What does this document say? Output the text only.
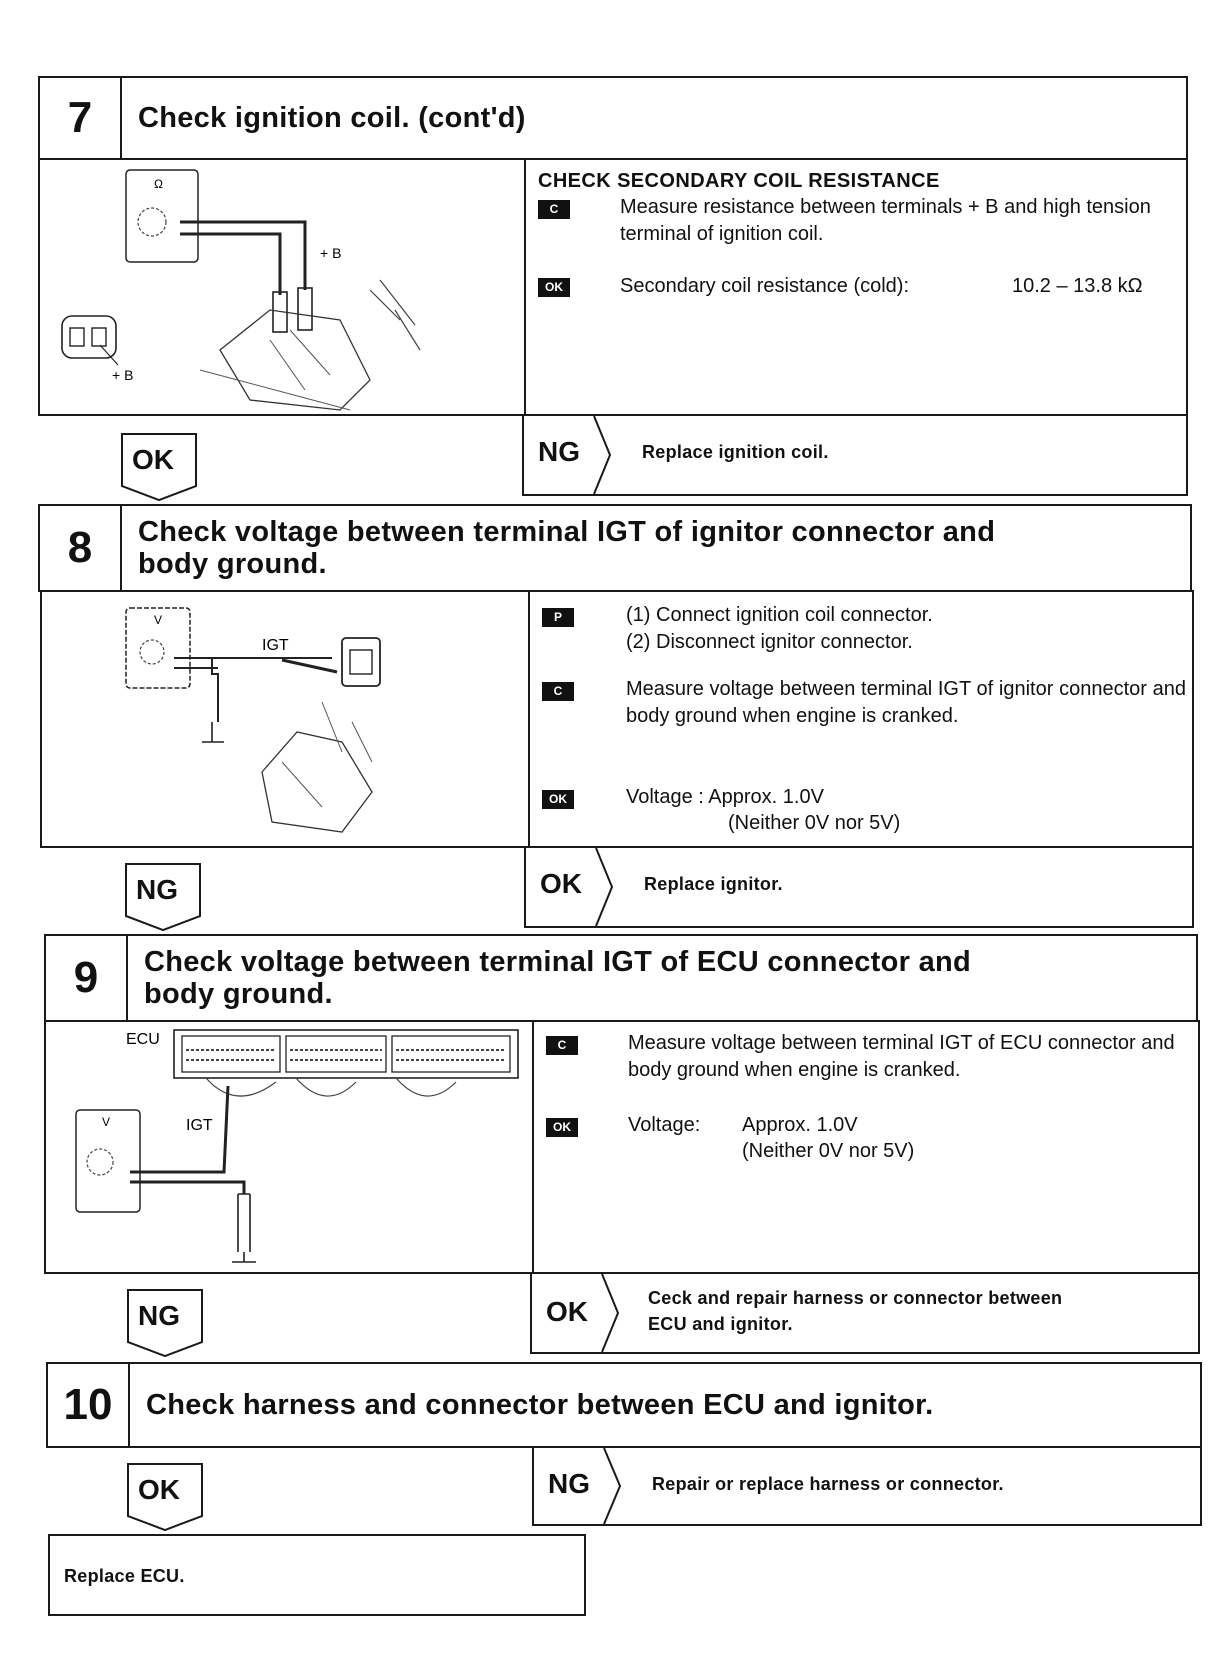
7	Check ignition coil. (cont'd)
Ω
+ B
+ B
CHECK SECONDARY COIL RESISTANCE
C	Measure resistance between terminals + B and high tension terminal of ignition coil.
OK	Secondary coil resistance (cold):	10.2 – 13.8 kΩ
OK	NG	Replace ignition coil.
8	Check voltage between terminal IGT of ignitor connector and
body ground.
V
IGT
P	(1) Connect ignition coil connector.
(2) Disconnect ignitor connector.
C	Measure voltage between terminal IGT of ignitor connector and body ground when engine is cranked.
OK	Voltage : Approx. 1.0V
(Neither 0V nor 5V)
NG	OK	Replace ignitor.
9	Check voltage between terminal IGT of ECU connector and
body ground.
ECU
V	IGT
C	Measure voltage between terminal IGT of ECU connector and body ground when engine is cranked.
OK	Voltage: Approx. 1.0V
(Neither 0V nor 5V)
NG	OK	Ceck and repair harness or connector between
ECU and ignitor.
10	Check harness and connector between ECU and ignitor.
OK	NG	Repair or replace harness or connector.
Replace ECU.
